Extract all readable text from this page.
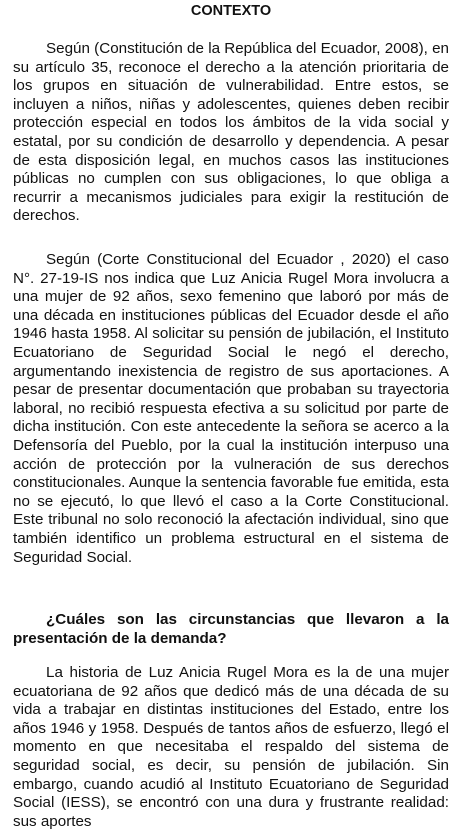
CONTEXTO

Según (Constitución de la República del Ecuador, 2008), en su artículo 35, reconoce el derecho a la atención prioritaria de los grupos en situación de vulnerabilidad. Entre estos, se incluyen a niños, niñas y adolescentes, quienes deben recibir protección especial en todos los ámbitos de la vida social y estatal, por su condición de desarrollo y dependencia. A pesar de esta disposición legal, en muchos casos las instituciones públicas no cumplen con sus obligaciones, lo que obliga a recurrir a mecanismos judiciales para exigir la restitución de derechos.

Según (Corte Constitucional del Ecuador , 2020) el caso N°. 27-19-IS nos indica que Luz Anicia Rugel Mora involucra a una mujer de 92 años, sexo femenino que laboró por más de una década en instituciones públicas del Ecuador desde el año 1946 hasta 1958. Al solicitar su pensión de jubilación, el Instituto Ecuatoriano de Seguridad Social le negó el derecho, argumentando inexistencia de registro de sus aportaciones. A pesar de presentar documentación que probaban su trayectoria laboral, no recibió respuesta efectiva a su solicitud por parte de dicha institución. Con este antecedente la señora se acerco a la Defensoría del Pueblo, por la cual la institución interpuso una acción de protección por la vulneración de sus derechos constitucionales. Aunque la sentencia favorable fue emitida, esta no se ejecutó, lo que llevó el caso a la Corte Constitucional. Este tribunal no solo reconoció la afectación individual, sino que también identifico un problema estructural en el sistema de Seguridad Social.

¿Cuáles son las circunstancias que llevaron a la presentación de la demanda?

La historia de Luz Anicia Rugel Mora es la de una mujer ecuatoriana de 92 años que dedicó más de una década de su vida a trabajar en distintas instituciones del Estado, entre los años 1946 y 1958. Después de tantos años de esfuerzo, llegó el momento en que necesitaba el respaldo del sistema de seguridad social, es decir, su pensión de jubilación. Sin embargo, cuando acudió al Instituto Ecuatoriano de Seguridad Social (IESS), se encontró con una dura y frustrante realidad: sus aportes
